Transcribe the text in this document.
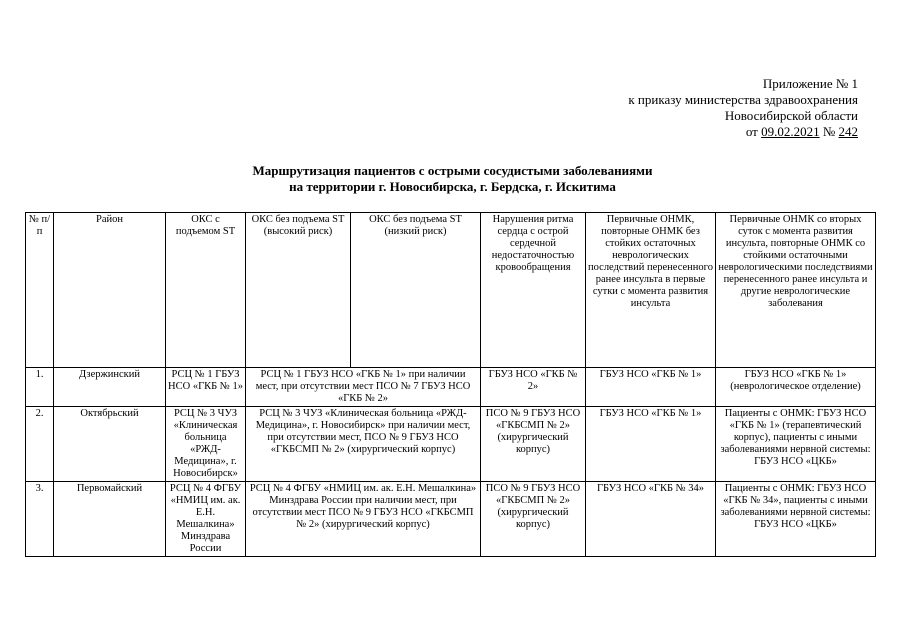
Приложение № 1
к приказу министерства здравоохранения
Новосибирской области
от 09.02.2021 № 242
Маршрутизация пациентов с острыми сосудистыми заболеваниями
на территории г. Новосибирска, г. Бердска, г. Искитима
№ п/п	Район	ОКС с подъемом ST	ОКС без подъема ST (высокий риск)	ОКС без подъема ST (низкий риск)	Нарушения ритма сердца с острой сердечной недостаточностью кровообращения	Первичные ОНМК, повторные ОНМК без стойких остаточных неврологических последствий перенесенного ранее инсульта в первые сутки с момента развития инсульта	Первичные ОНМК со вторых суток с момента развития инсульта, повторные ОНМК со стойкими остаточными неврологическими последствиями перенесенного ранее инсульта и другие неврологические заболевания
1.	Дзержинский	РСЦ № 1 ГБУЗ НСО «ГКБ № 1»	РСЦ № 1 ГБУЗ НСО «ГКБ № 1» при наличии мест, при отсутствии мест ПСО № 7 ГБУЗ НСО «ГКБ № 2»		ГБУЗ НСО «ГКБ № 2»	ГБУЗ НСО «ГКБ № 1»	ГБУЗ НСО «ГКБ № 1» (неврологическое отделение)
2.	Октябрьский	РСЦ № 3 ЧУЗ «Клиническая больница «РЖД-Медицина», г. Новосибирск»	РСЦ № 3 ЧУЗ «Клиническая больница «РЖД-Медицина», г. Новосибирск» при наличии мест, при отсутствии мест, ПСО № 9 ГБУЗ НСО «ГКБСМП № 2» (хирургический корпус)		ПСО № 9 ГБУЗ НСО «ГКБСМП № 2» (хирургический корпус)	ГБУЗ НСО «ГКБ № 1»	Пациенты с ОНМК: ГБУЗ НСО «ГКБ № 1» (терапевтический корпус), пациенты с иными заболеваниями нервной системы: ГБУЗ НСО «ЦКБ»
3.	Первомайский	РСЦ № 4 ФГБУ «НМИЦ им. ак. Е.Н. Мешалкина» Минздрава России	РСЦ № 4 ФГБУ «НМИЦ им. ак. Е.Н. Мешалкина» Минздрава России при наличии мест, при отсутствии мест ПСО № 9 ГБУЗ НСО «ГКБСМП № 2» (хирургический корпус)		ПСО № 9 ГБУЗ НСО «ГКБСМП № 2» (хирургический корпус)	ГБУЗ НСО «ГКБ № 34»	Пациенты с ОНМК: ГБУЗ НСО «ГКБ № 34», пациенты с иными заболеваниями нервной системы: ГБУЗ НСО «ЦКБ»
